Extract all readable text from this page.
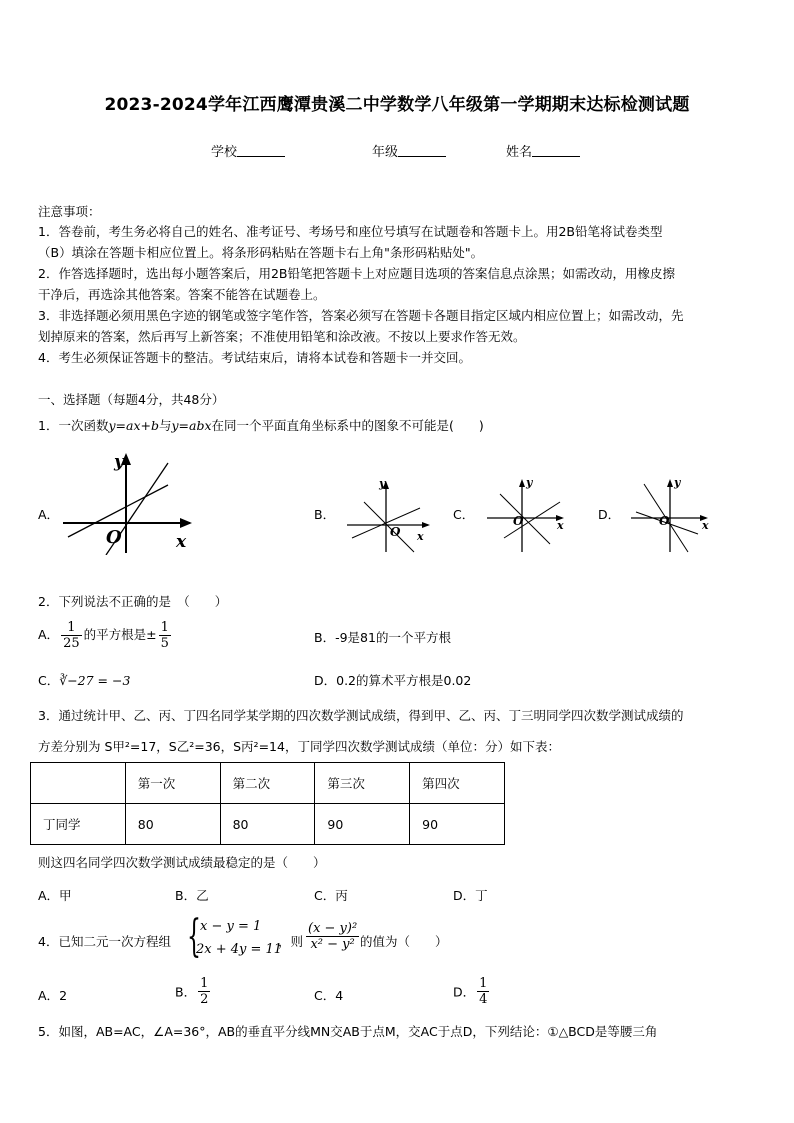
2023-2024学年江西鹰潭贵溪二中学数学八年级第一学期期末达标检测试题
学校	年级	姓名
注意事项：
1．答卷前，考生务必将自己的姓名、准考证号、考场号和座位号填写在试题卷和答题卡上。用2B铅笔将试卷类型
（B）填涂在答题卡相应位置上。将条形码粘贴在答题卡右上角"条形码粘贴处"。
2．作答选择题时，选出每小题答案后，用2B铅笔把答题卡上对应题目选项的答案信息点涂黑；如需改动，用橡皮擦
干净后，再选涂其他答案。答案不能答在试题卷上。
3．非选择题必须用黑色字迹的钢笔或签字笔作答，答案必须写在答题卡各题目指定区域内相应位置上；如需改动，先
划掉原来的答案，然后再写上新答案；不准使用铅笔和涂改液。不按以上要求作答无效。
4．考生必须保证答题卡的整洁。考试结束后，请将本试卷和答题卡一并交回。
一、选择题（每题4分，共48分）
1．一次函数y=ax+b与y=abx在同一个平面直角坐标系中的图象不可能是(　　)
A．
y
x
O
B．
y
x
O
C．
y
x
O	D．
y
x
O
2．下列说法不正确的是　（　　）
A． $\frac{1}{25}$ 的平方根是± $\frac{1}{5}$	B．-9是81的一个平方根
C．∛−27 = −3	D．0.2的算术平方根是0.02
3．通过统计甲、乙、丙、丁四名同学某学期的四次数学测试成绩，得到甲、乙、丙、丁三明同学四次数学测试成绩的
方差分别为 S甲²=17，S乙²=36，S丙²=14，丁同学四次数学测试成绩（单位：分）如下表：
	第一次	第二次	第三次	第四次
丁同学	80	80	90	90
则这四名同学四次数学测试成绩最稳定的是（　　）
A．甲	B．乙	C．丙	D．丁
4．已知二元一次方程组 { x − y = 1
2x + 4y = 11
，则 $\frac{\text{(x − y)²}}{\text{x² − y²}}$ 的值为（　　）
A．2	B． $\frac{1}{2}$	C．4	D． $\frac{1}{4}$
5．如图，AB=AC，∠A=36°，AB的垂直平分线MN交AB于点M，交AC于点D，下列结论：①△BCD是等腰三角
